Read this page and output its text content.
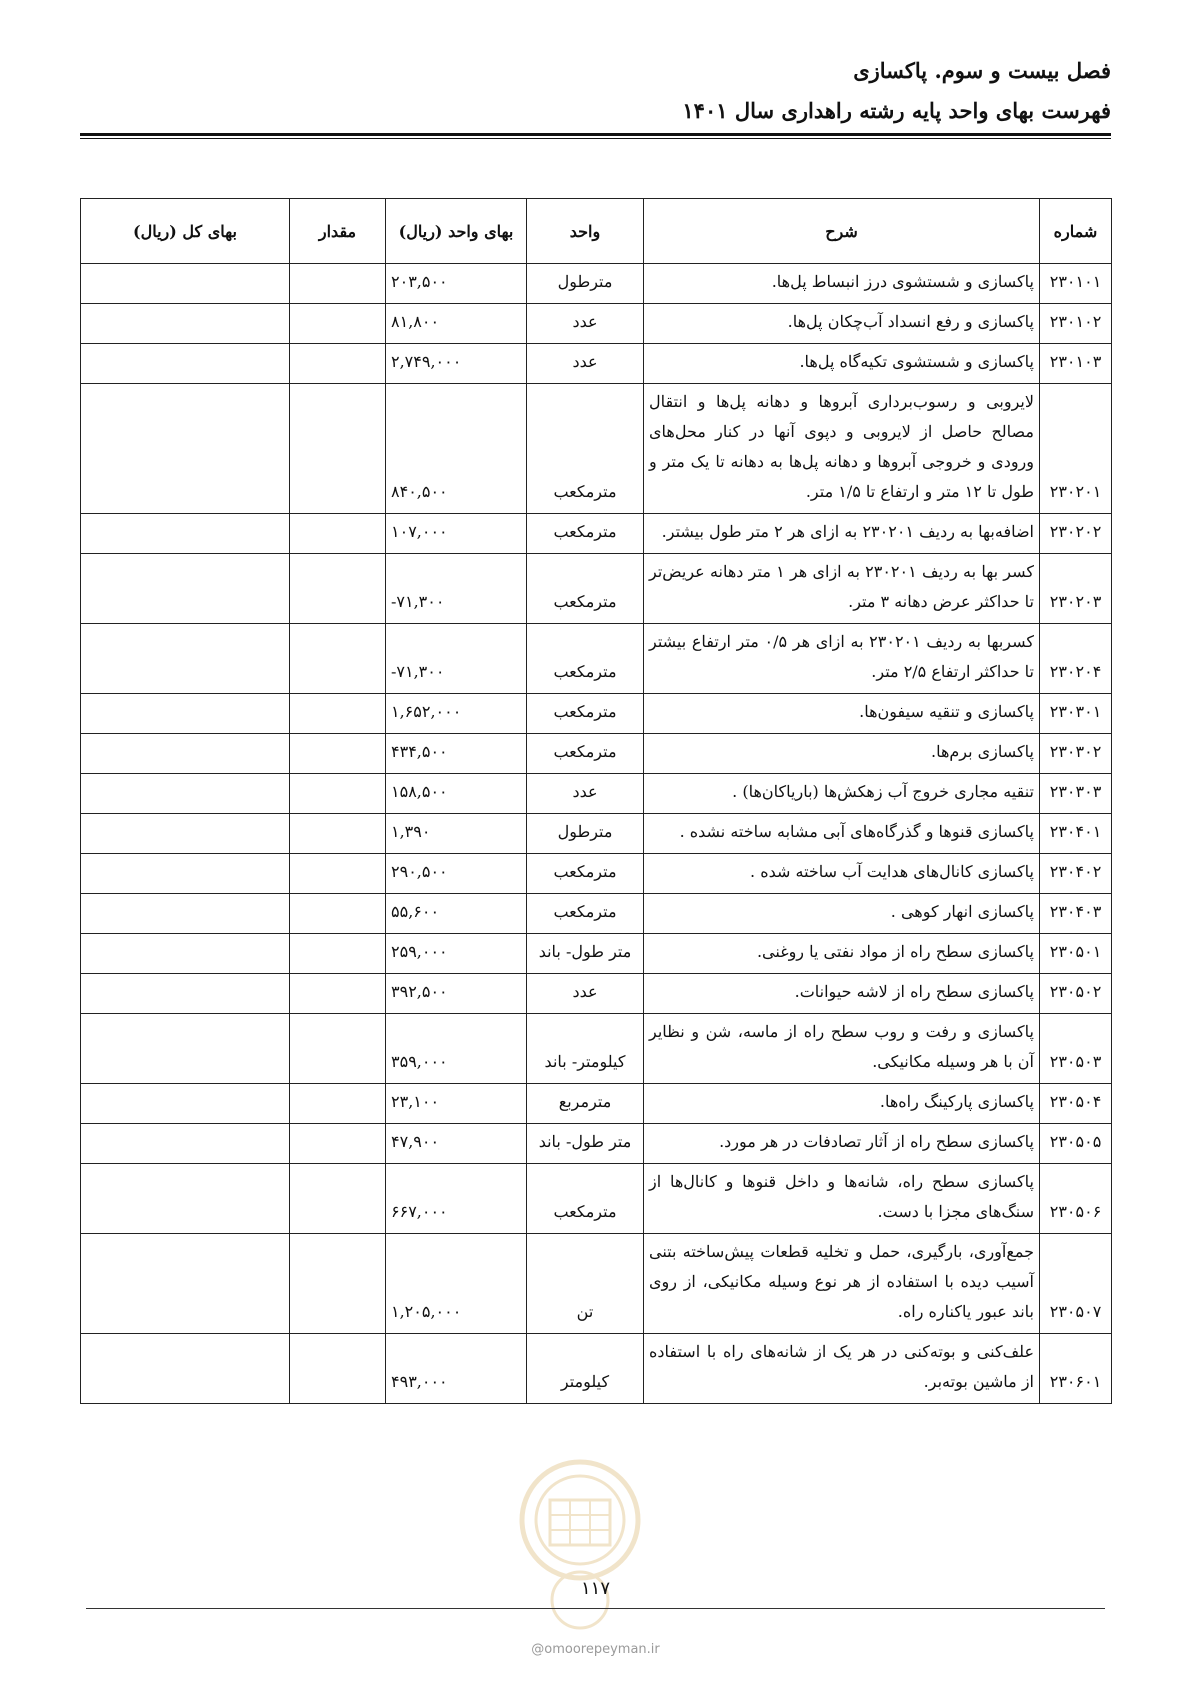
فصل بیست و سوم. پاکسازی
فهرست بهای واحد پایه رشته راهداری سال ۱۴۰۱
شماره	شرح	واحد	بهای واحد (ریال)	مقدار	بهای کل (ریال)
۲۳۰۱۰۱	پاکسازی و شستشوی درز انبساط پل‌ها.	مترطول	۲۰۳,۵۰۰		
۲۳۰۱۰۲	پاکسازی و رفع انسداد آب‌چکان پل‌ها.	عدد	۸۱,۸۰۰		
۲۳۰۱۰۳	پاکسازی و شستشوی تکیه‌گاه پل‌ها.	عدد	۲,۷۴۹,۰۰۰		
۲۳۰۲۰۱	لایروبی و رسوب‌برداری آبروها و دهانه پل‌ها و انتقال مصالح حاصل از لایروبی و دپوی آنها در کنار محل‌های ورودی و خروجی آبروها و دهانه پل‌ها به دهانه تا یک متر و طول تا ۱۲ متر و ارتفاع تا ۱/۵ متر.	مترمکعب	۸۴۰,۵۰۰		
۲۳۰۲۰۲	اضافه‌بها به ردیف ۲۳۰۲۰۱ به ازای هر ۲ متر طول بیشتر.	مترمکعب	۱۰۷,۰۰۰		
۲۳۰۲۰۳	کسر بها به ردیف ۲۳۰۲۰۱ به ازای هر ۱ متر دهانه عریض‌تر تا حداکثر عرض دهانه ۳ متر.	مترمکعب	-۷۱,۳۰۰		
۲۳۰۲۰۴	کسربها به ردیف ۲۳۰۲۰۱ به ازای هر ۰/۵ متر ارتفاع بیشتر تا حداکثر ارتفاع ۲/۵ متر.	مترمکعب	-۷۱,۳۰۰		
۲۳۰۳۰۱	پاکسازی و تنقیه سیفون‌ها.	مترمکعب	۱,۶۵۲,۰۰۰		
۲۳۰۳۰۲	پاکسازی برم‌ها.	مترمکعب	۴۳۴,۵۰۰		
۲۳۰۳۰۳	تنقیه مجاری خروج آب زهکش‌ها (باریاکان‌ها) .	عدد	۱۵۸,۵۰۰		
۲۳۰۴۰۱	پاکسازی قنوها و گذرگاه‌های آبی مشابه ساخته نشده .	مترطول	۱,۳۹۰		
۲۳۰۴۰۲	پاکسازی کانال‌های هدایت آب ساخته شده .	مترمکعب	۲۹۰,۵۰۰		
۲۳۰۴۰۳	پاکسازی انهار کوهی .	مترمکعب	۵۵,۶۰۰		
۲۳۰۵۰۱	پاکسازی سطح راه از مواد نفتی یا روغنی.	متر طول- باند	۲۵۹,۰۰۰		
۲۳۰۵۰۲	پاکسازی سطح راه از لاشه حیوانات.	عدد	۳۹۲,۵۰۰		
۲۳۰۵۰۳	پاکسازی و رفت و روب سطح راه از ماسه، شن و نظایر آن با هر وسیله مکانیکی.	کیلومتر- باند	۳۵۹,۰۰۰		
۲۳۰۵۰۴	پاکسازی پارکینگ راه‌ها.	مترمربع	۲۳,۱۰۰		
۲۳۰۵۰۵	پاکسازی سطح راه از آثار تصادفات در هر مورد.	متر طول- باند	۴۷,۹۰۰		
۲۳۰۵۰۶	پاکسازی سطح راه، شانه‌ها و داخل قنوها و کانال‌ها از سنگ‌های مجزا با دست.	مترمکعب	۶۶۷,۰۰۰		
۲۳۰۵۰۷	جمع‌آوری، بارگیری، حمل و تخلیه قطعات پیش‌ساخته بتنی آسیب دیده با استفاده از هر نوع وسیله مکانیکی، از روی باند عبور یاکناره راه.	تن	۱,۲۰۵,۰۰۰		
۲۳۰۶۰۱	علف‌کنی و بوته‌کنی در هر یک از شانه‌های راه با استفاده از ماشین بوته‌بر.	کیلومتر	۴۹۳,۰۰۰		
۱۱۷
@omoorepeyman.ir
